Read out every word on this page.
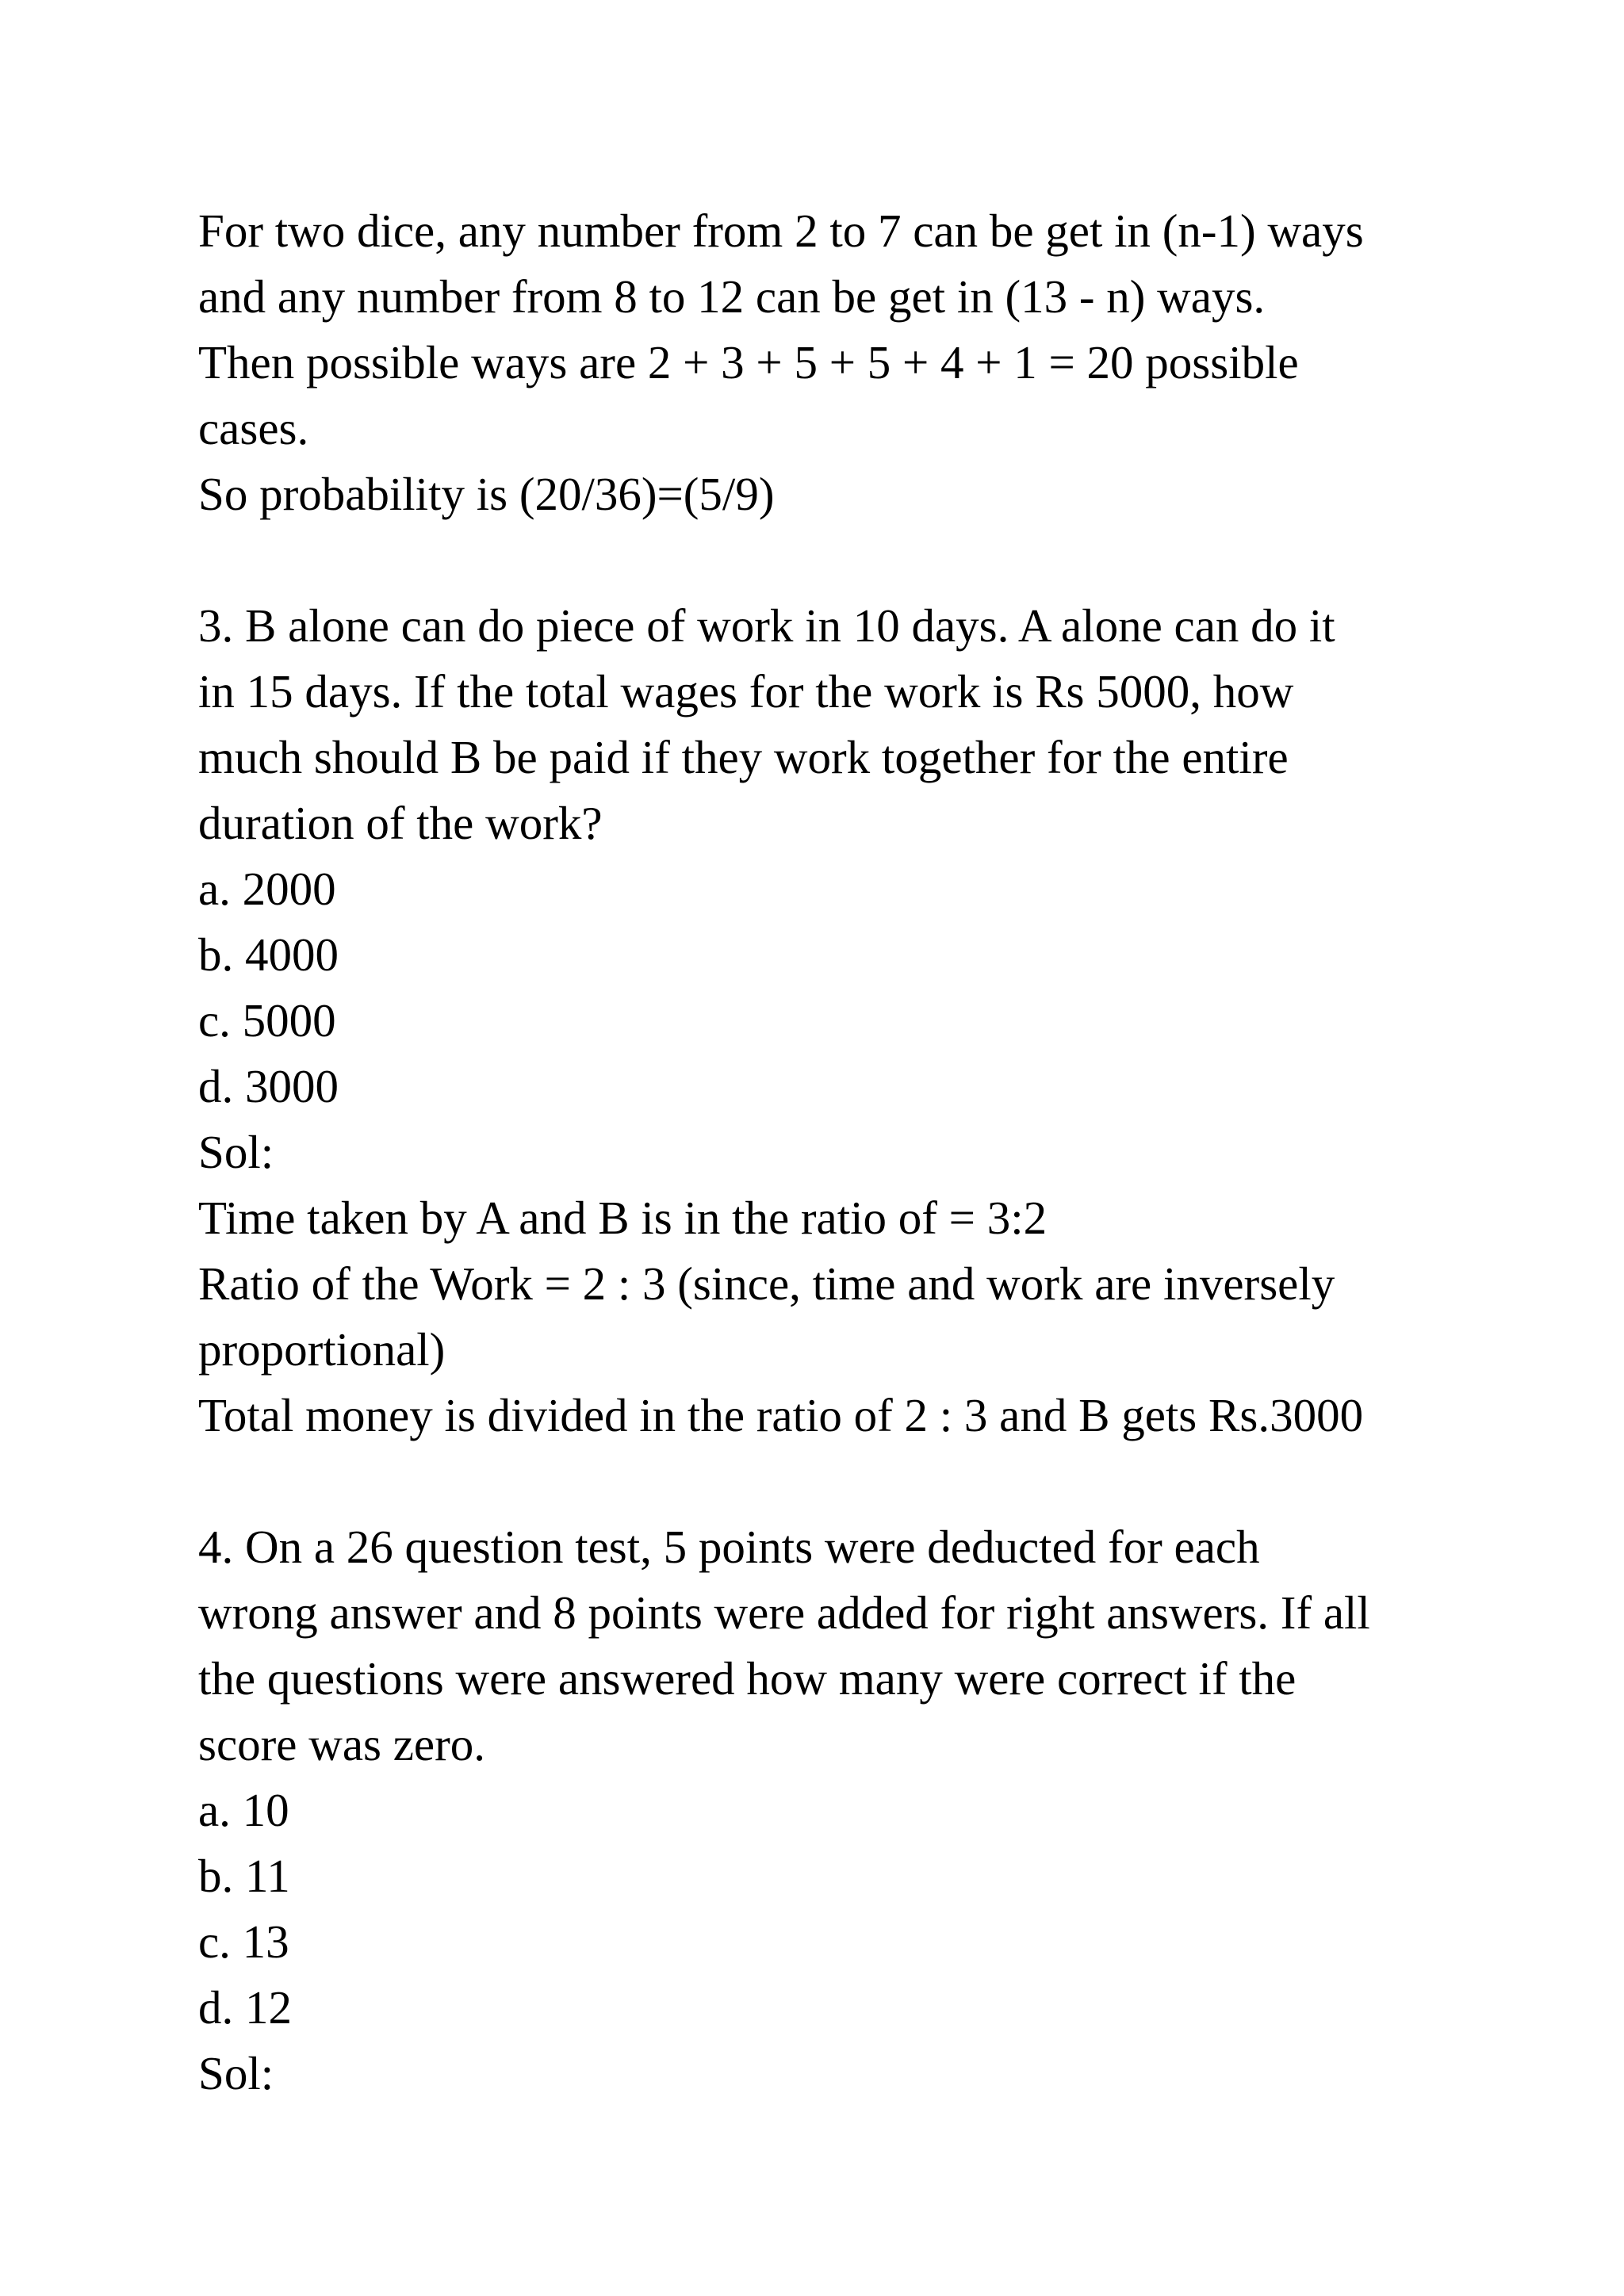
For two dice, any number from 2 to 7 can be get in (n-1) ways
and any number from 8 to 12 can be get in (13 - n) ways.
Then possible ways are 2 + 3 + 5 + 5 + 4 + 1 = 20 possible
cases.
So probability is (20/36)=(5/9)
3. B alone can do piece of work in 10 days. A alone can do it
in 15 days. If the total wages for the work is Rs 5000, how
much should B be paid if they work together for the entire
duration of the work?
a. 2000
b. 4000
c. 5000
d. 3000
Sol:
Time taken by A and B is in the ratio of = 3:2
Ratio of the Work = 2 : 3 (since, time and work are inversely
proportional)
Total money is divided in the ratio of 2 : 3 and B gets Rs.3000
4. On a 26 question test, 5 points were deducted for each
wrong answer and 8 points were added for right answers. If all
the questions were answered how many were correct if the
score was zero.
a. 10
b. 11
c. 13
d. 12
Sol:
